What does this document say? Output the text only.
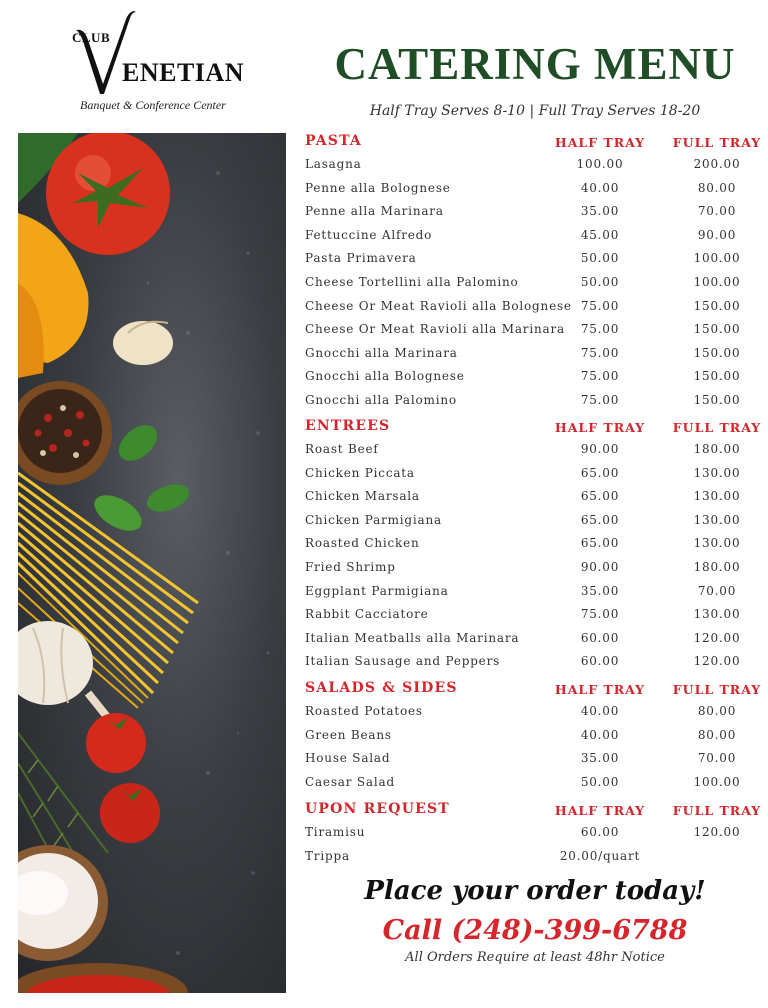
CLUB
ENETIAN
Banquet & Conference Center
CATERING MENU
Half Tray Serves 8-10 | Full Tray Serves 18-20
PASTA	HALF TRAY	FULL TRAY
Lasagna	100.00	200.00
Penne alla Bolognese	40.00	80.00
Penne alla Marinara	35.00	70.00
Fettuccine Alfredo	45.00	90.00
Pasta Primavera	50.00	100.00
Cheese Tortellini alla Palomino	50.00	100.00
Cheese Or Meat Ravioli alla Bolognese 75.00	150.00
Cheese Or Meat Ravioli alla Marinara	75.00	150.00
Gnocchi alla Marinara	75.00	150.00
Gnocchi alla Bolognese	75.00	150.00
Gnocchi alla Palomino	75.00	150.00
ENTREES	HALF TRAY	FULL TRAY
Roast Beef	90.00	180.00
Chicken Piccata	65.00	130.00
Chicken Marsala	65.00	130.00
Chicken Parmigiana	65.00	130.00
Roasted Chicken	65.00	130.00
Fried Shrimp	90.00	180.00
Eggplant Parmigiana	35.00	70.00
Rabbit Cacciatore	75.00	130.00
Italian Meatballs alla Marinara	60.00	120.00
Italian Sausage and Peppers	60.00	120.00
SALADS & SIDES	HALF TRAY	FULL TRAY
Roasted Potatoes	40.00	80.00
Green Beans	40.00	80.00
House Salad	35.00	70.00
Caesar Salad	50.00	100.00
UPON REQUEST	HALF TRAY	FULL TRAY
Tiramisu	60.00	120.00
Trippa	20.00/quart
Place your order today!
Call (248)-399-6788
All Orders Require at least 48hr Notice
